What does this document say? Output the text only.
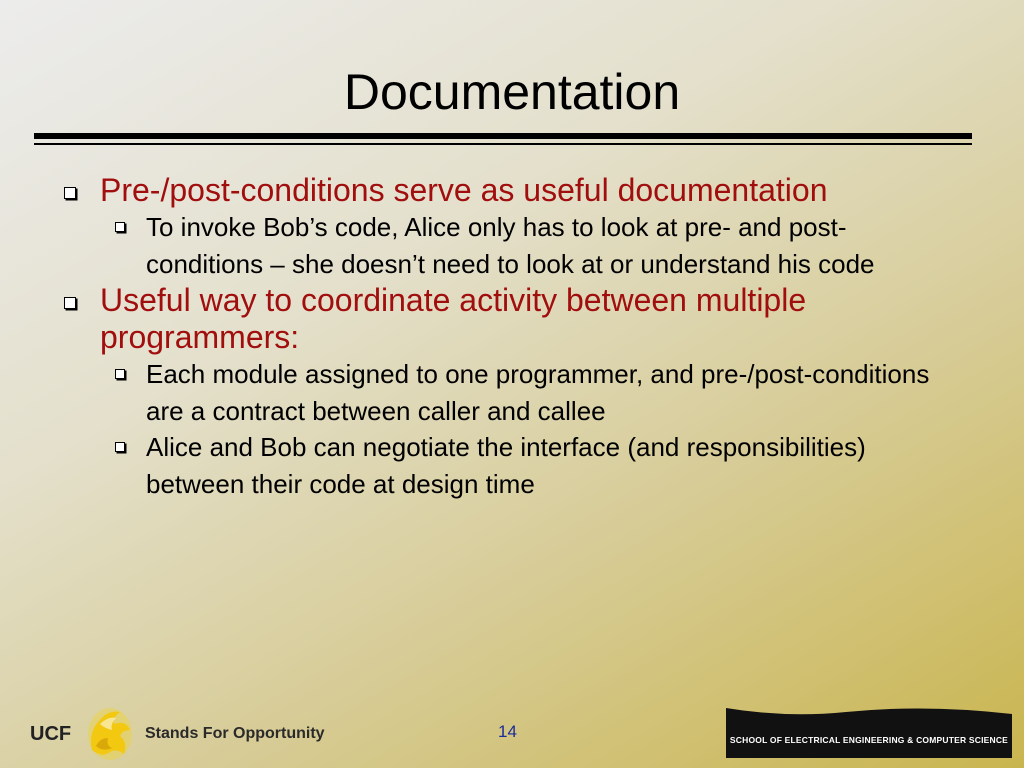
Documentation
Pre-/post-conditions serve as useful documentation
To invoke Bob’s code, Alice only has to look at pre- and post-conditions – she doesn’t need to look at or understand his code
Useful way to coordinate activity between multiple programmers:
Each module assigned to one programmer, and pre-/post-conditions are a contract between caller and callee
Alice and Bob can negotiate the interface (and responsibilities) between their code at design time
UCF	Stands For Opportunity	14	SCHOOL OF ELECTRICAL ENGINEERING & COMPUTER SCIENCE
